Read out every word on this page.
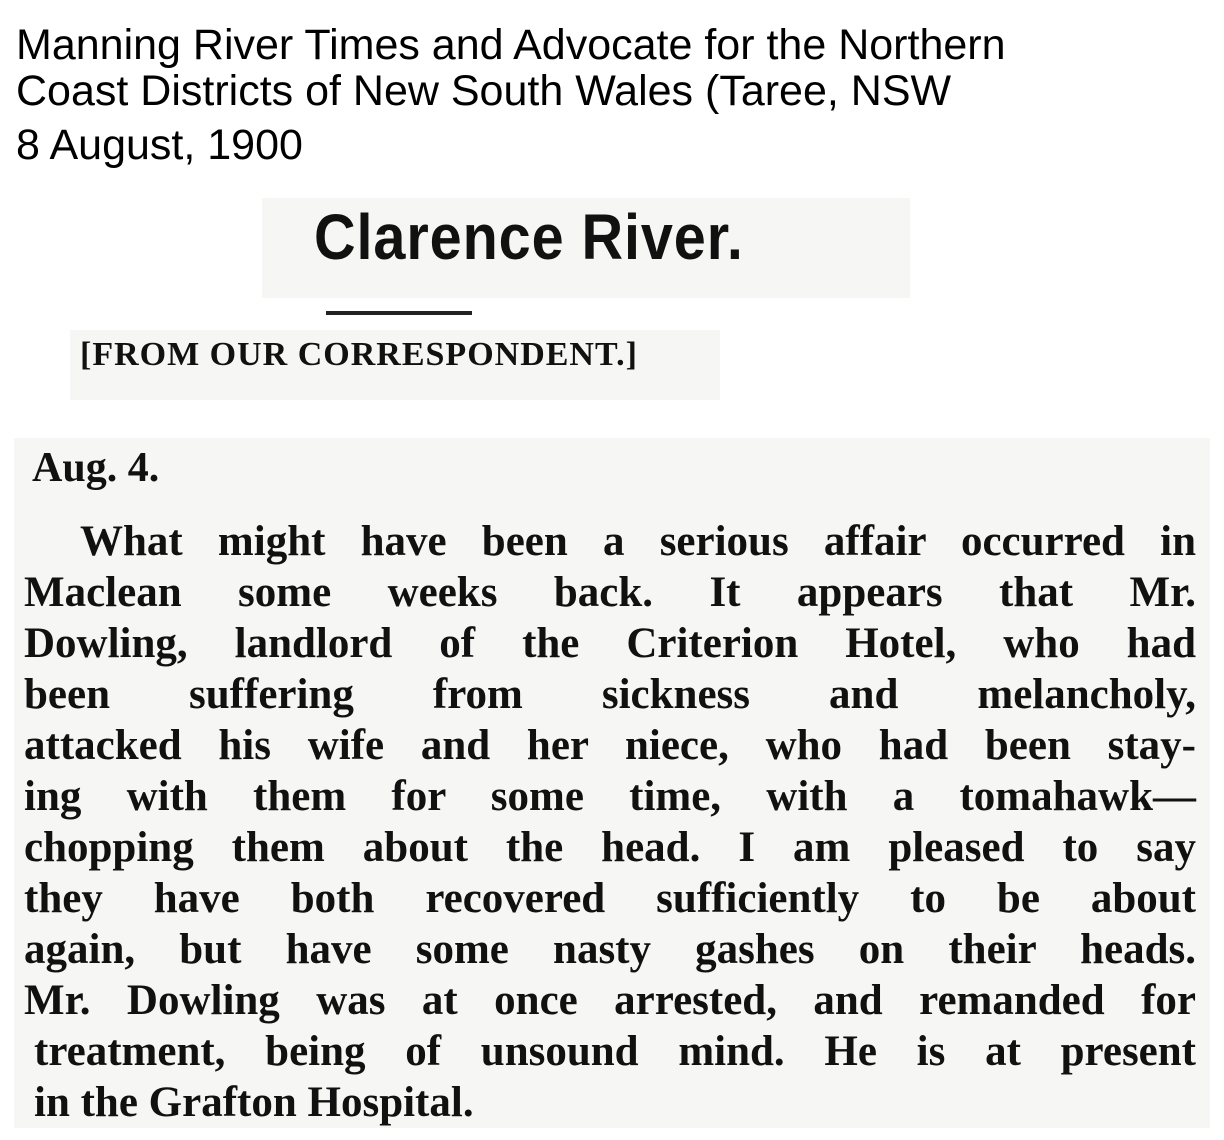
Manning River Times and Advocate for the Northern
Coast Districts of New South Wales (Taree, NSW
8 August, 1900
Clarence River.
[FROM OUR CORRESPONDENT.]
Aug. 4.
What might have been a serious affair occurred in
Maclean some weeks back. It appears that Mr.
Dowling, landlord of the Criterion Hotel, who had
been suffering from sickness and melancholy,
attacked his wife and her niece, who had been stay-
ing with them for some time, with a tomahawk—
chopping them about the head. I am pleased to say
they have both recovered sufficiently to be about
again, but have some nasty gashes on their heads.
Mr. Dowling was at once arrested, and remanded for
treatment, being of unsound mind. He is at present
in the Grafton Hospital.
